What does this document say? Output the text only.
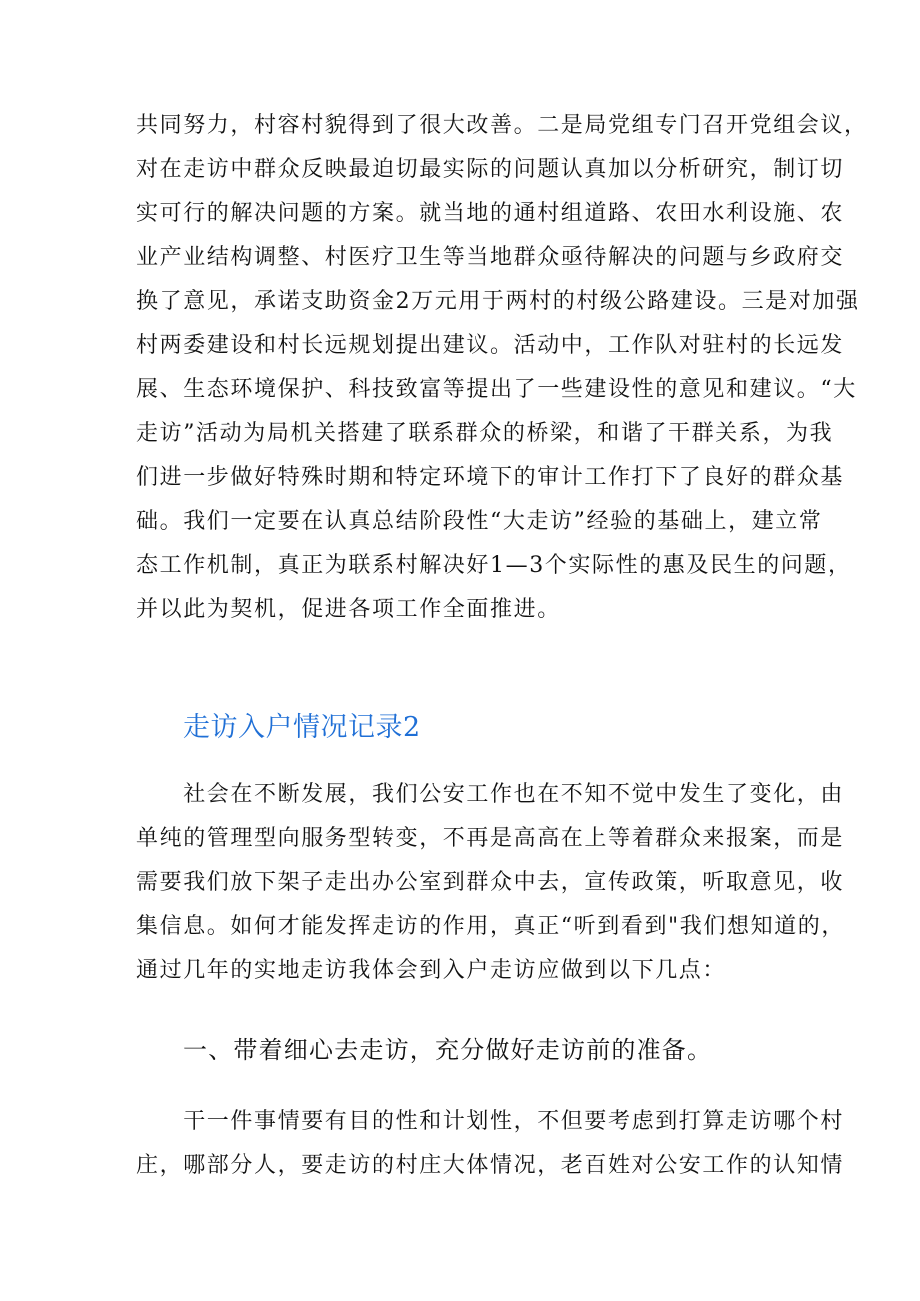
共同努力，村容村貌得到了很大改善。二是局党组专门召开党组会议，
对在走访中群众反映最迫切最实际的问题认真加以分析研究，制订切
实可行的解决问题的方案。就当地的通村组道路、农田水利设施、农
业产业结构调整、村医疗卫生等当地群众亟待解决的问题与乡政府交
换了意见，承诺支助资金2万元用于两村的村级公路建设。三是对加强
村两委建设和村长远规划提出建议。活动中，工作队对驻村的长远发
展、生态环境保护、科技致富等提出了一些建设性的意见和建议。“大
走访”活动为局机关搭建了联系群众的桥梁，和谐了干群关系，为我
们进一步做好特殊时期和特定环境下的审计工作打下了良好的群众基
础。我们一定要在认真总结阶段性“大走访”经验的基础上，建立常
态工作机制，真正为联系村解决好1—3个实际性的惠及民生的问题，
并以此为契机，促进各项工作全面推进。
走访入户情况记录2
　　社会在不断发展，我们公安工作也在不知不觉中发生了变化，由
单纯的管理型向服务型转变，不再是高高在上等着群众来报案，而是
需要我们放下架子走出办公室到群众中去，宣传政策，听取意见，收
集信息。如何才能发挥走访的作用，真正“听到看到"我们想知道的，
通过几年的实地走访我体会到入户走访应做到以下几点：

一、带着细心去走访，充分做好走访前的准备。

　　干一件事情要有目的性和计划性，不但要考虑到打算走访哪个村
庄，哪部分人，要走访的村庄大体情况，老百姓对公安工作的认知情
